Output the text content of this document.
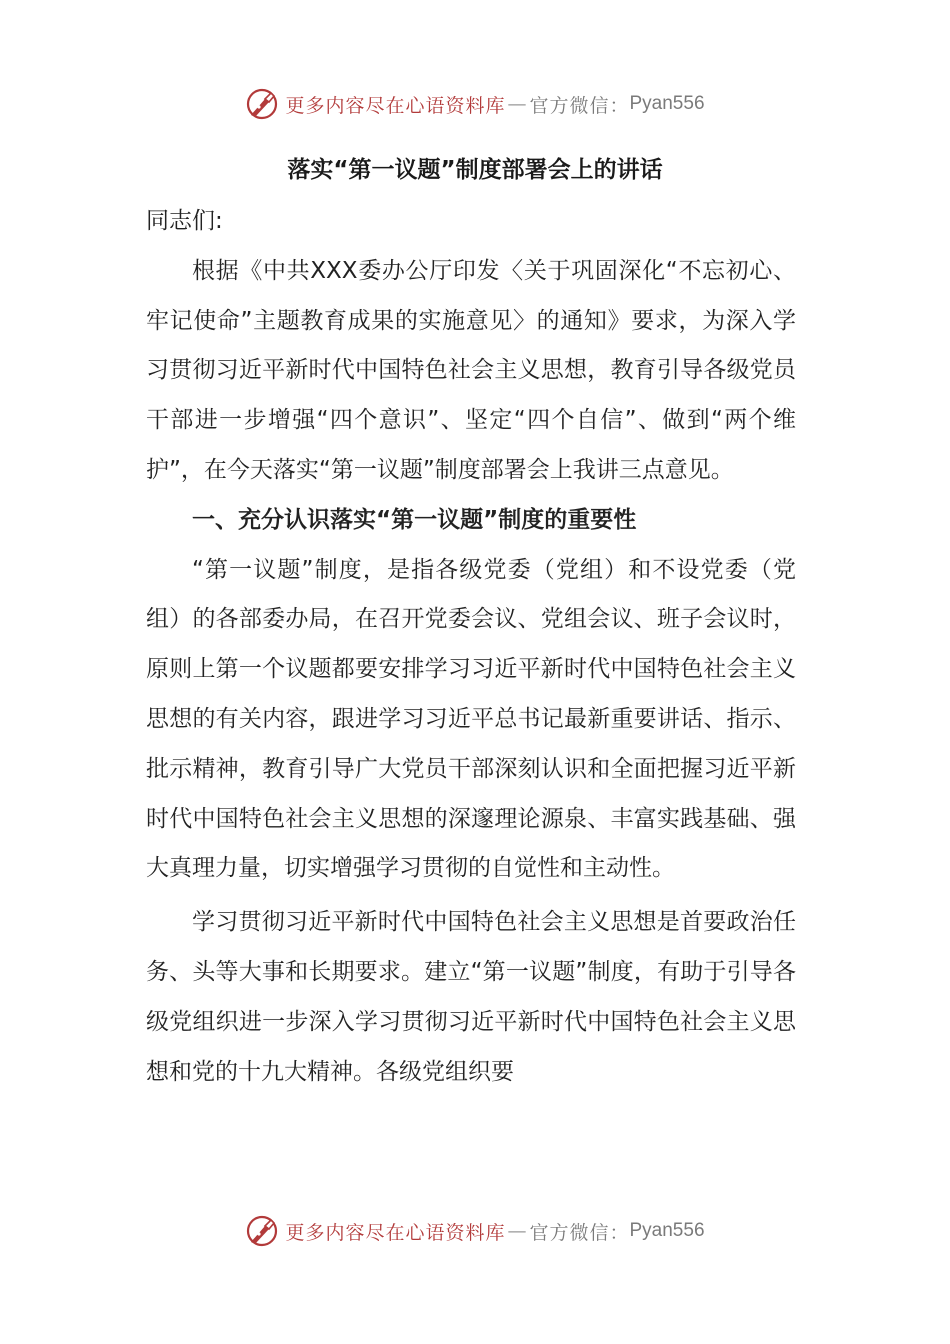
更多内容尽在心语资料库 — 官方微信： Pyan556
落实“第一议题”制度部署会上的讲话

同志们:

根据《中共XXX委办公厅印发〈关于巩固深化“不忘初心、牢记使命”主题教育成果的实施意见〉的通知》要求，为深入学习贯彻习近平新时代中国特色社会主义思想，教育引导各级党员干部进一步增强“四个意识”、坚定“四个自信”、做到“两个维护”，在今天落实“第一议题”制度部署会上我讲三点意见。

一、充分认识落实“第一议题”制度的重要性

“第一议题”制度，是指各级党委（党组）和不设党委（党组）的各部委办局，在召开党委会议、党组会议、班子会议时，原则上第一个议题都要安排学习习近平新时代中国特色社会主义思想的有关内容，跟进学习习近平总书记最新重要讲话、指示、批示精神，教育引导广大党员干部深刻认识和全面把握习近平新时代中国特色社会主义思想的深邃理论源泉、丰富实践基础、强大真理力量，切实增强学习贯彻的自觉性和主动性。

学习贯彻习近平新时代中国特色社会主义思想是首要政治任务、头等大事和长期要求。建立“第一议题”制度，有助于引导各级党组织进一步深入学习贯彻习近平新时代中国特色社会主义思想和党的十九大精神。各级党组织要

更多内容尽在心语资料库 — 官方微信： Pyan556
